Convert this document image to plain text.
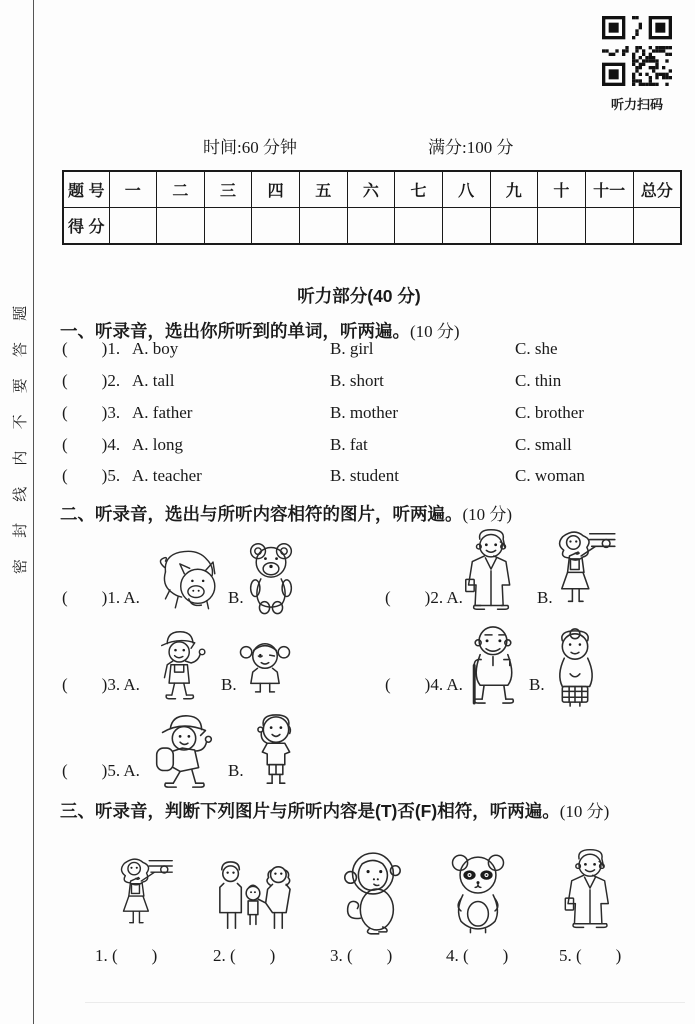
密 封 线 内 不 要 答 题
听力扫码
时间:60 分钟	满分:100 分
题 号	一	二	三	四	五	六	七	八	九	十	十一	总分
得 分												
听力部分(40 分)
一、听录音，选出你所听到的单词，听两遍。(10 分)
(  )1. A. boy	B. girl	C. she
(  )2. A. tall	B. short	C. thin
(  )3. A. father	B. mother	C. brother
(  )4. A. long	B. fat	C. small
(  )5. A. teacher	B. student	C. woman
二、听录音，选出与所听内容相符的图片，听两遍。(10 分)
(  )1. A.	B.	(  )2. A.	B.
(  )3. A.	B.	(  )4. A.	B.
(  )5. A.	B.
三、听录音，判断下列图片与所听内容是(T)否(F)相符，听两遍。(10 分)
1. (  )	2. (  )	3. (  )	4. (  )	5. (  )
